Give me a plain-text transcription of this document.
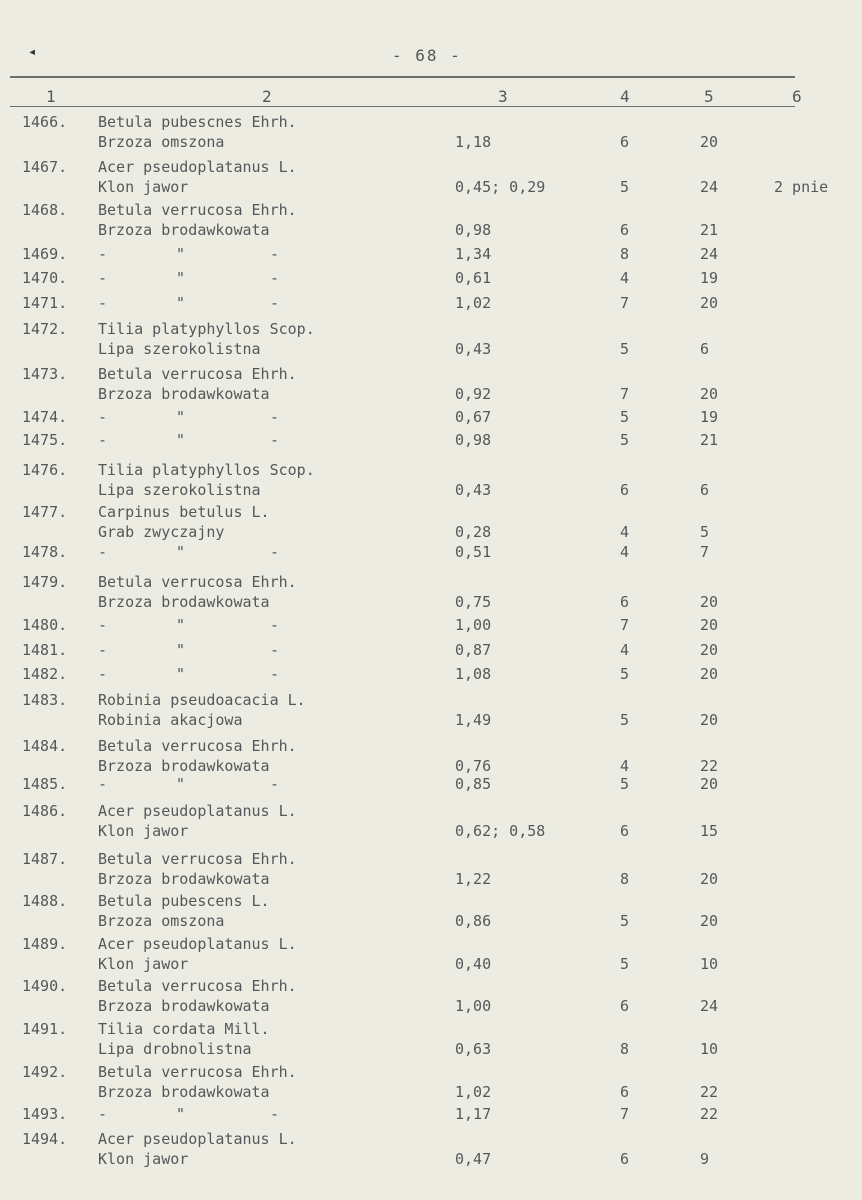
◂	- 68 -
1	2	3	4	5	6
1466. Betula pubescnes Ehrh.
Brzoza omszona	1,18	6	20
1467. Acer pseudoplatanus L.
Klon jawor	0,45; 0,29	5	24	2 pnie
1468. Betula verrucosa Ehrh.
Brzoza brodawkowata	0,98	6	21
1469. -	"	-	1,34	8	24
1470. -	"	-	0,61	4	19
1471. -	"	-	1,02	7	20
1472. Tilia platyphyllos Scop.
Lipa szerokolistna	0,43	5	6
1473. Betula verrucosa Ehrh.
Brzoza brodawkowata	0,92	7	20
1474. -	"	-	0,67	5	19
1475. -	"	-	0,98	5	21
1476. Tilia platyphyllos Scop.
Lipa szerokolistna	0,43	6	6
1477. Carpinus betulus L.
Grab zwyczajny	0,28	4	5
1478. -	"	-	0,51	4	7
1479. Betula verrucosa Ehrh.
Brzoza brodawkowata	0,75	6	20
1480. -	"	-	1,00	7	20
1481. -	"	-	0,87	4	20
1482. -	"	-	1,08	5	20
1483. Robinia pseudoacacia L.
Robinia akacjowa	1,49	5	20
1484. Betula verrucosa Ehrh.
Brzoza brodawkowata	0,76	4	22
1485. -	"	-	0,85	5	20
1486. Acer pseudoplatanus L.
Klon jawor	0,62; 0,58	6	15
1487. Betula verrucosa Ehrh.
Brzoza brodawkowata	1,22	8	20
1488. Betula pubescens L.
Brzoza omszona	0,86	5	20
1489. Acer pseudoplatanus L.
Klon jawor	0,40	5	10
1490. Betula verrucosa Ehrh.
Brzoza brodawkowata	1,00	6	24
1491. Tilia cordata Mill.
Lipa drobnolistna	0,63	8	10
1492. Betula verrucosa Ehrh.
Brzoza brodawkowata	1,02	6	22
1493. -	"	-	1,17	7	22
1494. Acer pseudoplatanus L.
Klon jawor	0,47	6	9
